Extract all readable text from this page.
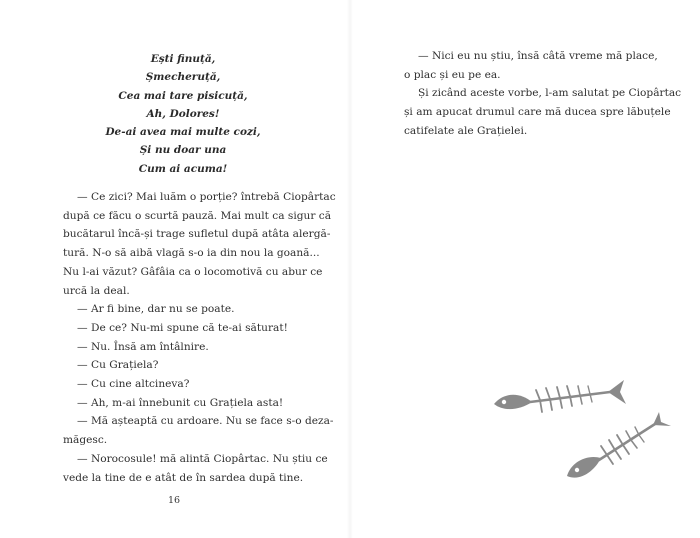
Ești finuță,
Șmecheruță,
Cea mai tare pisicuță,
Ah, Dolores!
De-ai avea mai multe cozi,
Și nu doar una
Cum ai acuma!
— Ce zici? Mai luăm o porție? întrebă Ciopârtac
după ce făcu o scurtă pauză. Mai mult ca sigur că
bucătarul încă-și trage sufletul după atâta alergă-
tură. N-o să aibă vlagă s-o ia din nou la goană...
Nu l-ai văzut? Gâfâia ca o locomotivă cu abur ce
urcă la deal.
— Ar fi bine, dar nu se poate.
— De ce? Nu-mi spune că te-ai săturat!
— Nu. Însă am întâlnire.
— Cu Grațiela?
— Cu cine altcineva?
— Ah, m-ai înnebunit cu Grațiela asta!
— Mă așteaptă cu ardoare. Nu se face s-o deza-
măgesc.
— Norocosule! mă alintă Ciopârtac. Nu știu ce
vede la tine de e atât de în sardea după tine.
16
— Nici eu nu știu, însă câtă vreme mă place,
o plac și eu pe ea.
Și zicând aceste vorbe, l-am salutat pe Ciopârtac
și am apucat drumul care mă ducea spre lăbuțele
catifelate ale Grațielei.
